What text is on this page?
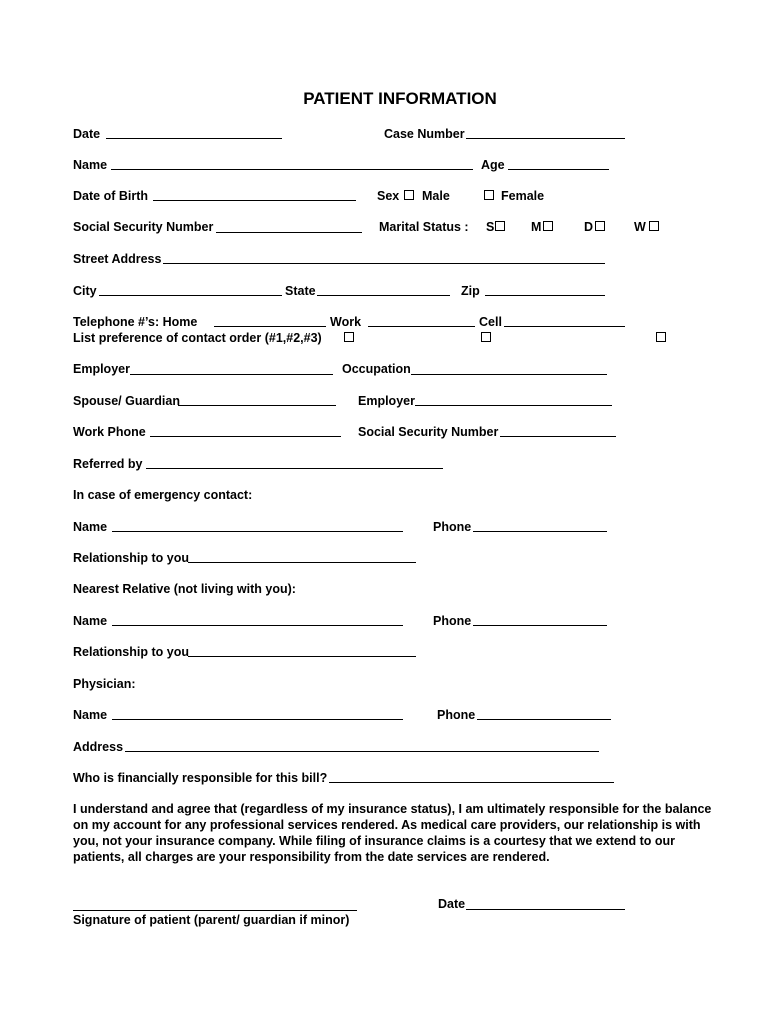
PATIENT INFORMATION
Date	Case Number
Name	Age
Date of Birth	Sex Male	Female
Social Security Number	Marital Status : S	M	D	W
Street Address
City	State	Zip
Telephone #’s: Home	Work	Cell
List preference of contact order (#1,#2,#3)
Employer	Occupation
Spouse/ Guardian	Employer
Work Phone	Social Security Number
Referred by
In case of emergency contact:
Name	Phone
Relationship to you
Nearest Relative (not living with you):
Name	Phone
Relationship to you
Physician:
Name	Phone
Address
Who is financially responsible for this bill?
I understand and agree that (regardless of my insurance status), I am ultimately responsible for the balance
on my account for any professional services rendered. As medical care providers, our relationship is with
you, not your insurance company. While filing of insurance claims is a courtesy that we extend to our
patients, all charges are your responsibility from the date services are rendered.
Signature of patient (parent/ guardian if minor)
Date
